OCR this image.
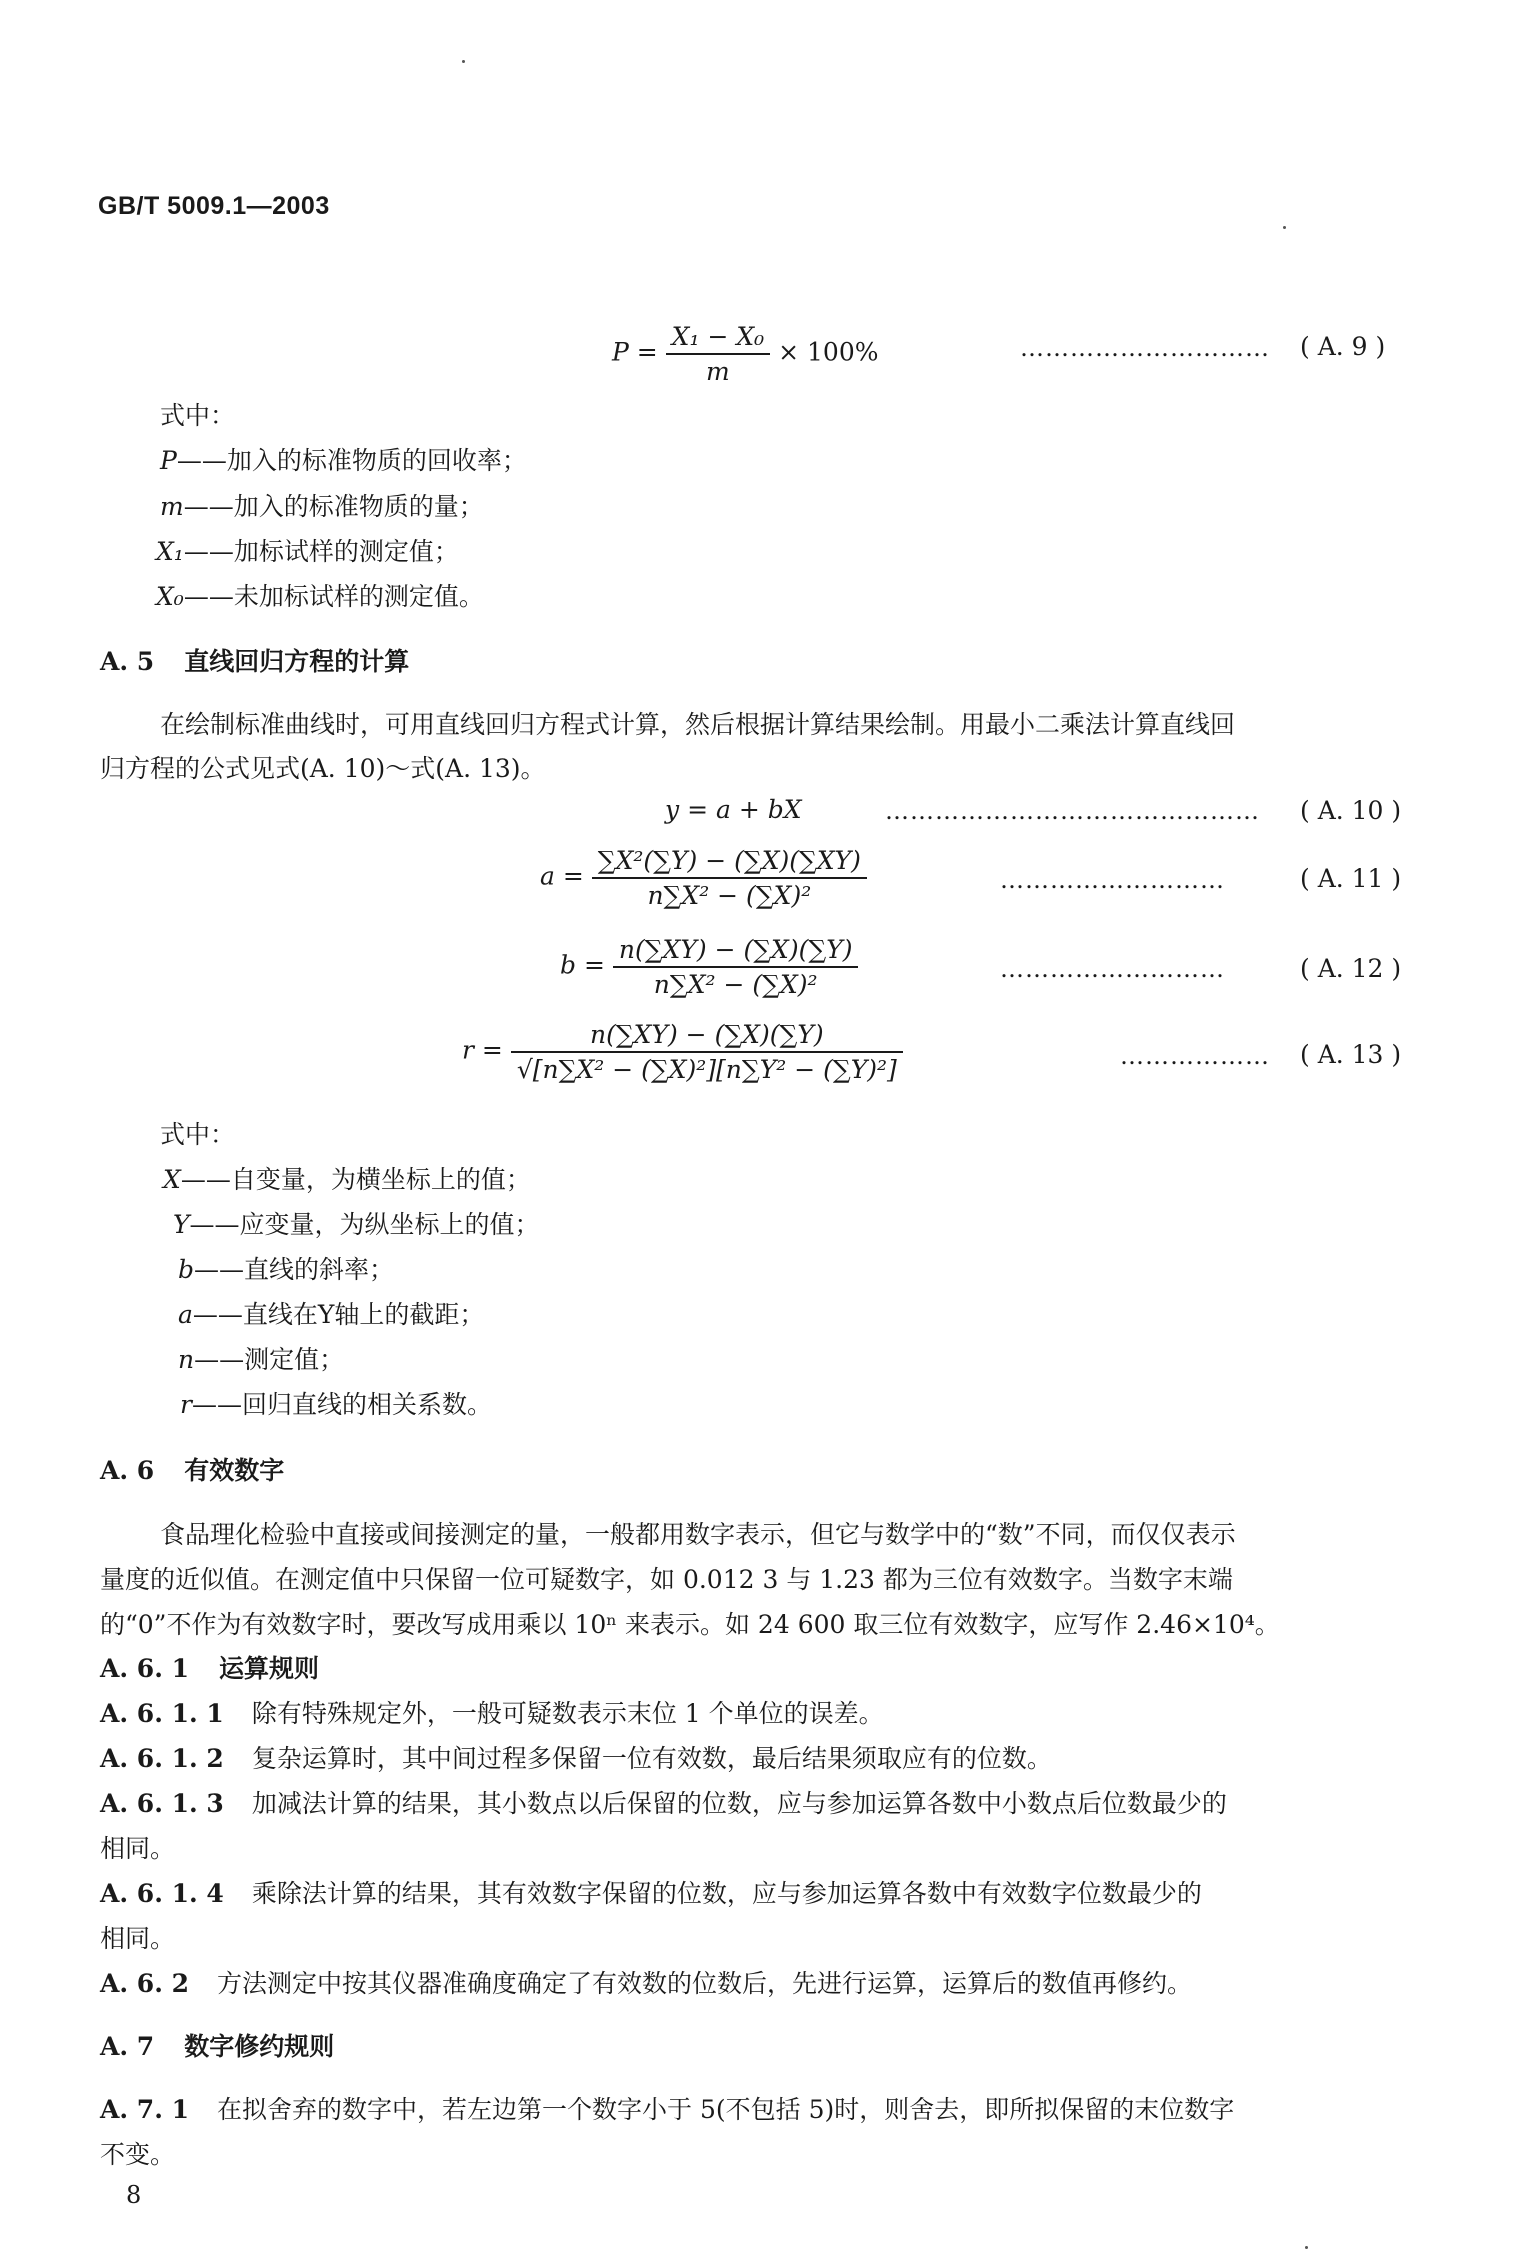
GB/T 5009.1—2003
$P = \frac{\text{X₁ − X₀}}{m} \times 100\%$	………………………… ( A. 9 )
式中：
P——加入的标准物质的回收率；
m——加入的标准物质的量；
X₁——加标试样的测定值；
X₀——未加标试样的测定值。
A. 5 直线回归方程的计算
在绘制标准曲线时，可用直线回归方程式计算，然后根据计算结果绘制。用最小二乘法计算直线回
归方程的公式见式(A. 10)～式(A. 13)。
y = a + bX	……………………………………… ( A. 10 )
$a = \frac{\text{∑X²(∑Y) − (∑X)(∑XY)}}{\text{n∑X² − (∑X)²}}$	………………………	( A. 11 )
$b = \frac{n(\sum XY) - (\sum X)(\sum Y)}{\text{n∑X² − (∑X)²}}$	………………………	( A. 12 )
$r = \frac{n(\sum XY) - (\sum X)(\sum Y)}{\text{√[n∑X² − (∑X)²][n∑Y² − (∑Y)²]}}$	……………… ( A. 13 )
式中：
X——自变量，为横坐标上的值；
Y——应变量，为纵坐标上的值；
b——直线的斜率；
a——直线在Y轴上的截距；
n——测定值；
r——回归直线的相关系数。
A. 6 有效数字
食品理化检验中直接或间接测定的量，一般都用数字表示，但它与数学中的“数”不同，而仅仅表示
量度的近似值。在测定值中只保留一位可疑数字，如 0.012 3 与 1.23 都为三位有效数字。当数字末端
的“0”不作为有效数字时，要改写成用乘以 10ⁿ 来表示。如 24 600 取三位有效数字，应写作 2.46×10⁴。
A. 6. 1 运算规则
A. 6. 1. 1 除有特殊规定外，一般可疑数表示末位 1 个单位的误差。
A. 6. 1. 2 复杂运算时，其中间过程多保留一位有效数，最后结果须取应有的位数。
A. 6. 1. 3 加减法计算的结果，其小数点以后保留的位数，应与参加运算各数中小数点后位数最少的
相同。
A. 6. 1. 4 乘除法计算的结果，其有效数字保留的位数，应与参加运算各数中有效数字位数最少的
相同。
A. 6. 2 方法测定中按其仪器准确度确定了有效数的位数后，先进行运算，运算后的数值再修约。
A. 7 数字修约规则
A. 7. 1 在拟舍弃的数字中，若左边第一个数字小于 5(不包括 5)时，则舍去，即所拟保留的末位数字
不变。
8
